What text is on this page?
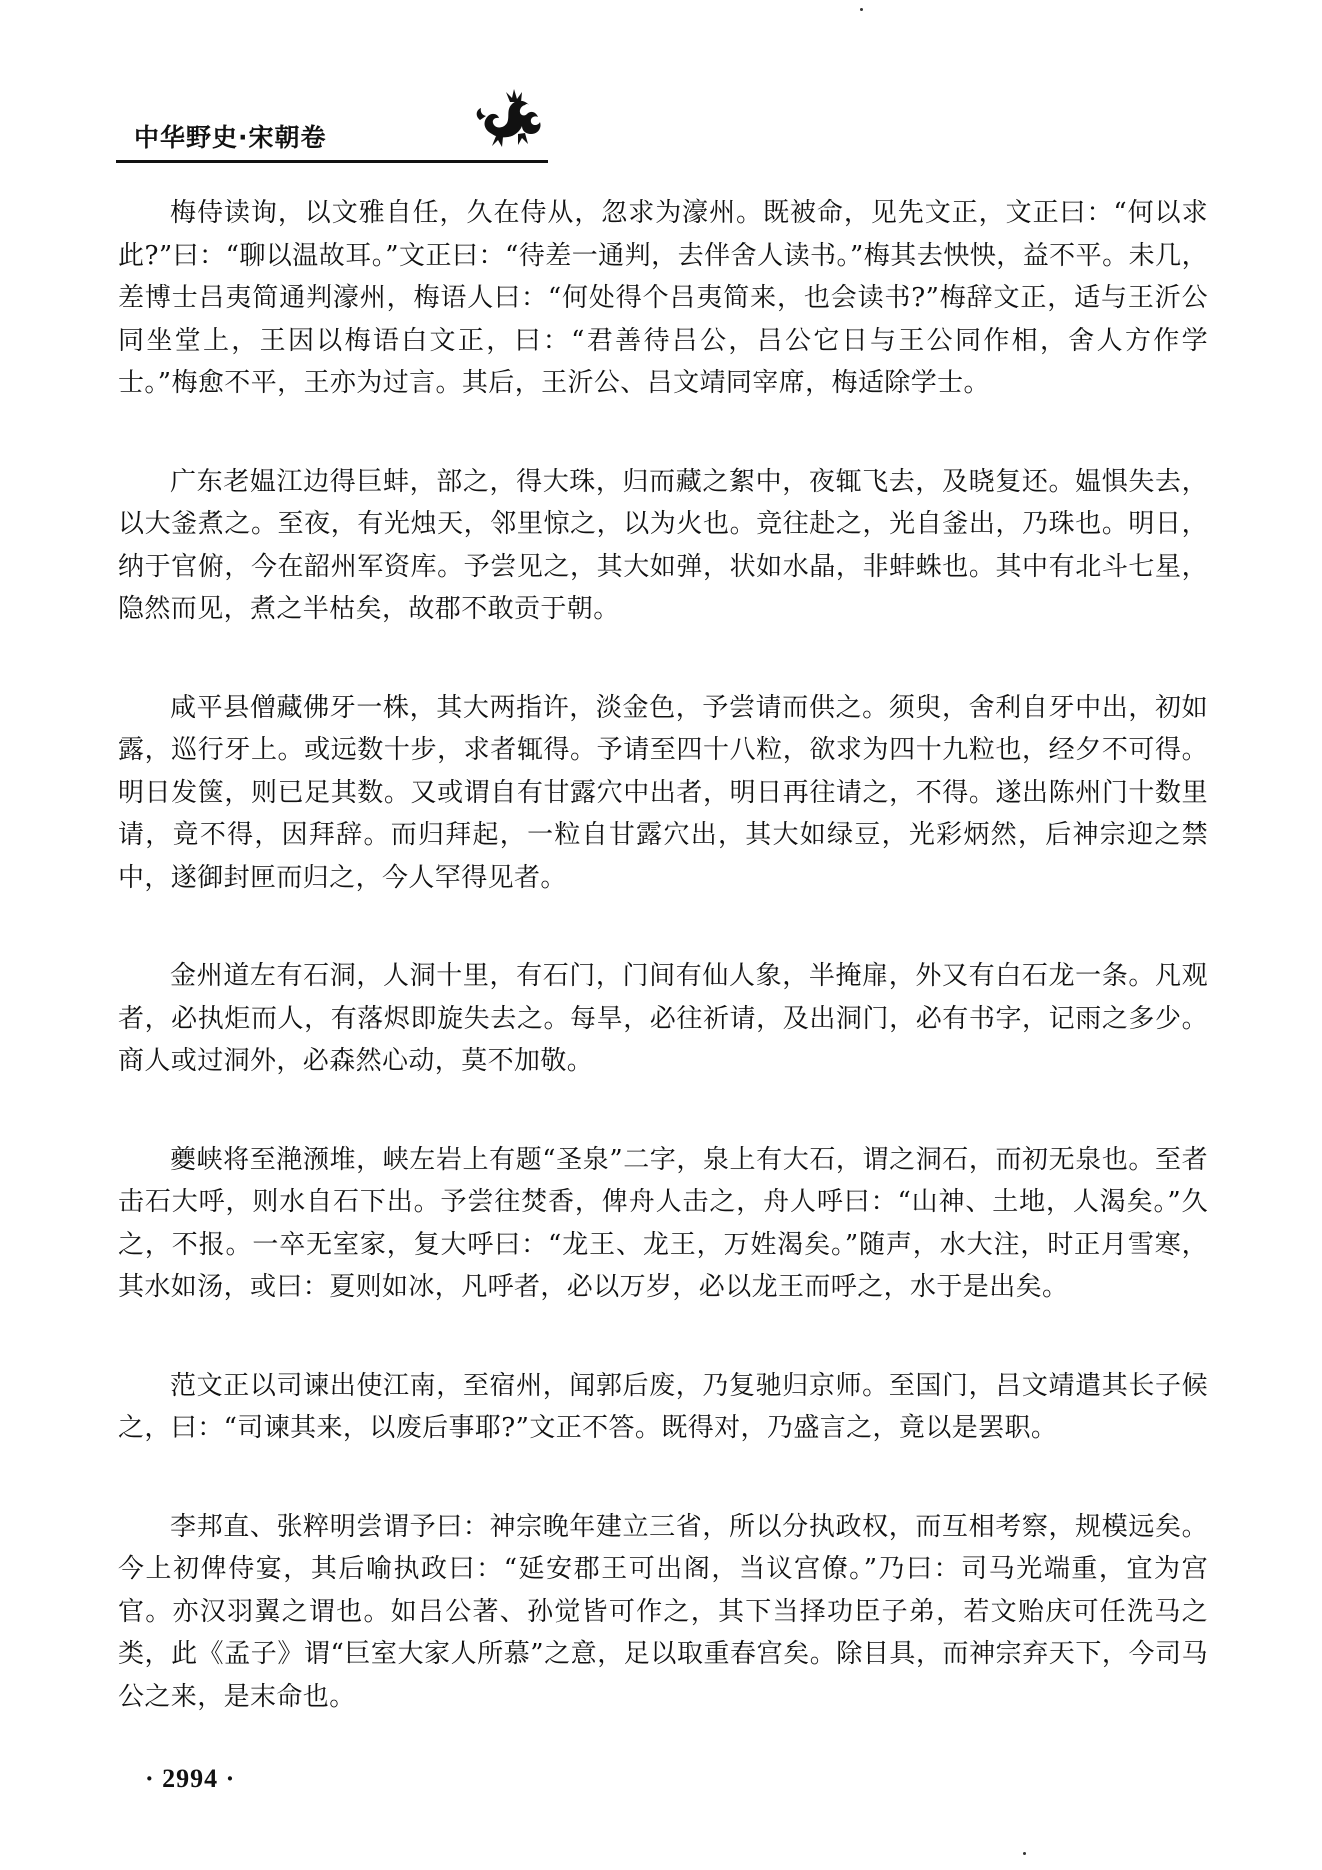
中华野史·宋朝卷

梅侍读询，以文雅自任，久在侍从，忽求为濠州。既被命，见先文正，文正曰：“何以求此?”曰：“聊以温故耳。”文正曰：“待差一通判，去伴舍人读书。”梅其去怏怏，益不平。未几，差博士吕夷简通判濠州，梅语人曰：“何处得个吕夷简来，也会读书?”梅辞文正，适与王沂公同坐堂上，王因以梅语白文正，曰：“君善待吕公，吕公它日与王公同作相，舍人方作学士。”梅愈不平，王亦为过言。其后，王沂公、吕文靖同宰席，梅适除学士。

广东老媪江边得巨蚌，部之，得大珠，归而藏之絮中，夜辄飞去，及晓复还。媪惧失去，以大釜煮之。至夜，有光烛天，邻里惊之，以为火也。竞往赴之，光自釜出，乃珠也。明日，纳于官俯，今在韶州军资库。予尝见之，其大如弹，状如水晶，非蚌蛛也。其中有北斗七星，隐然而见，煮之半枯矣，故郡不敢贡于朝。

咸平县僧藏佛牙一株，其大两指许，淡金色，予尝请而供之。须臾，舍利自牙中出，初如露，巡行牙上。或远数十步，求者辄得。予请至四十八粒，欲求为四十九粒也，经夕不可得。明日发箧，则已足其数。又或谓自有甘露穴中出者，明日再往请之，不得。遂出陈州门十数里请，竟不得，因拜辞。而归拜起，一粒自甘露穴出，其大如绿豆，光彩炳然，后神宗迎之禁中，遂御封匣而归之，今人罕得见者。

金州道左有石洞，人洞十里，有石门，门间有仙人象，半掩扉，外又有白石龙一条。凡观者，必执炬而人，有落烬即旋失去之。每旱，必往祈请，及出洞门，必有书字，记雨之多少。商人或过洞外，必森然心动，莫不加敬。

夔峡将至滟滪堆，峡左岩上有题“圣泉”二字，泉上有大石，谓之洞石，而初无泉也。至者击石大呼，则水自石下出。予尝往焚香，俾舟人击之，舟人呼曰：“山神、土地，人渴矣。”久之，不报。一卒无室家，复大呼曰：“龙王、龙王，万姓渴矣。”随声，水大注，时正月雪寒，其水如汤，或曰：夏则如冰，凡呼者，必以万岁，必以龙王而呼之，水于是出矣。

范文正以司谏出使江南，至宿州，闻郭后废，乃复驰归京师。至国门，吕文靖遣其长子候之，曰：“司谏其来，以废后事耶?”文正不答。既得对，乃盛言之，竟以是罢职。

李邦直、张粹明尝谓予曰：神宗晚年建立三省，所以分执政权，而互相考察，规模远矣。今上初俾侍宴，其后喻执政曰：“延安郡王可出阁，当议宫僚。”乃曰：司马光端重，宜为宫官。亦汉羽翼之谓也。如吕公著、孙觉皆可作之，其下当择功臣子弟，若文贻庆可任洗马之类，此《孟子》谓“巨室大家人所慕”之意，足以取重春宫矣。除目具，而神宗弃天下，今司马公之来，是末命也。

· 2994 ·
